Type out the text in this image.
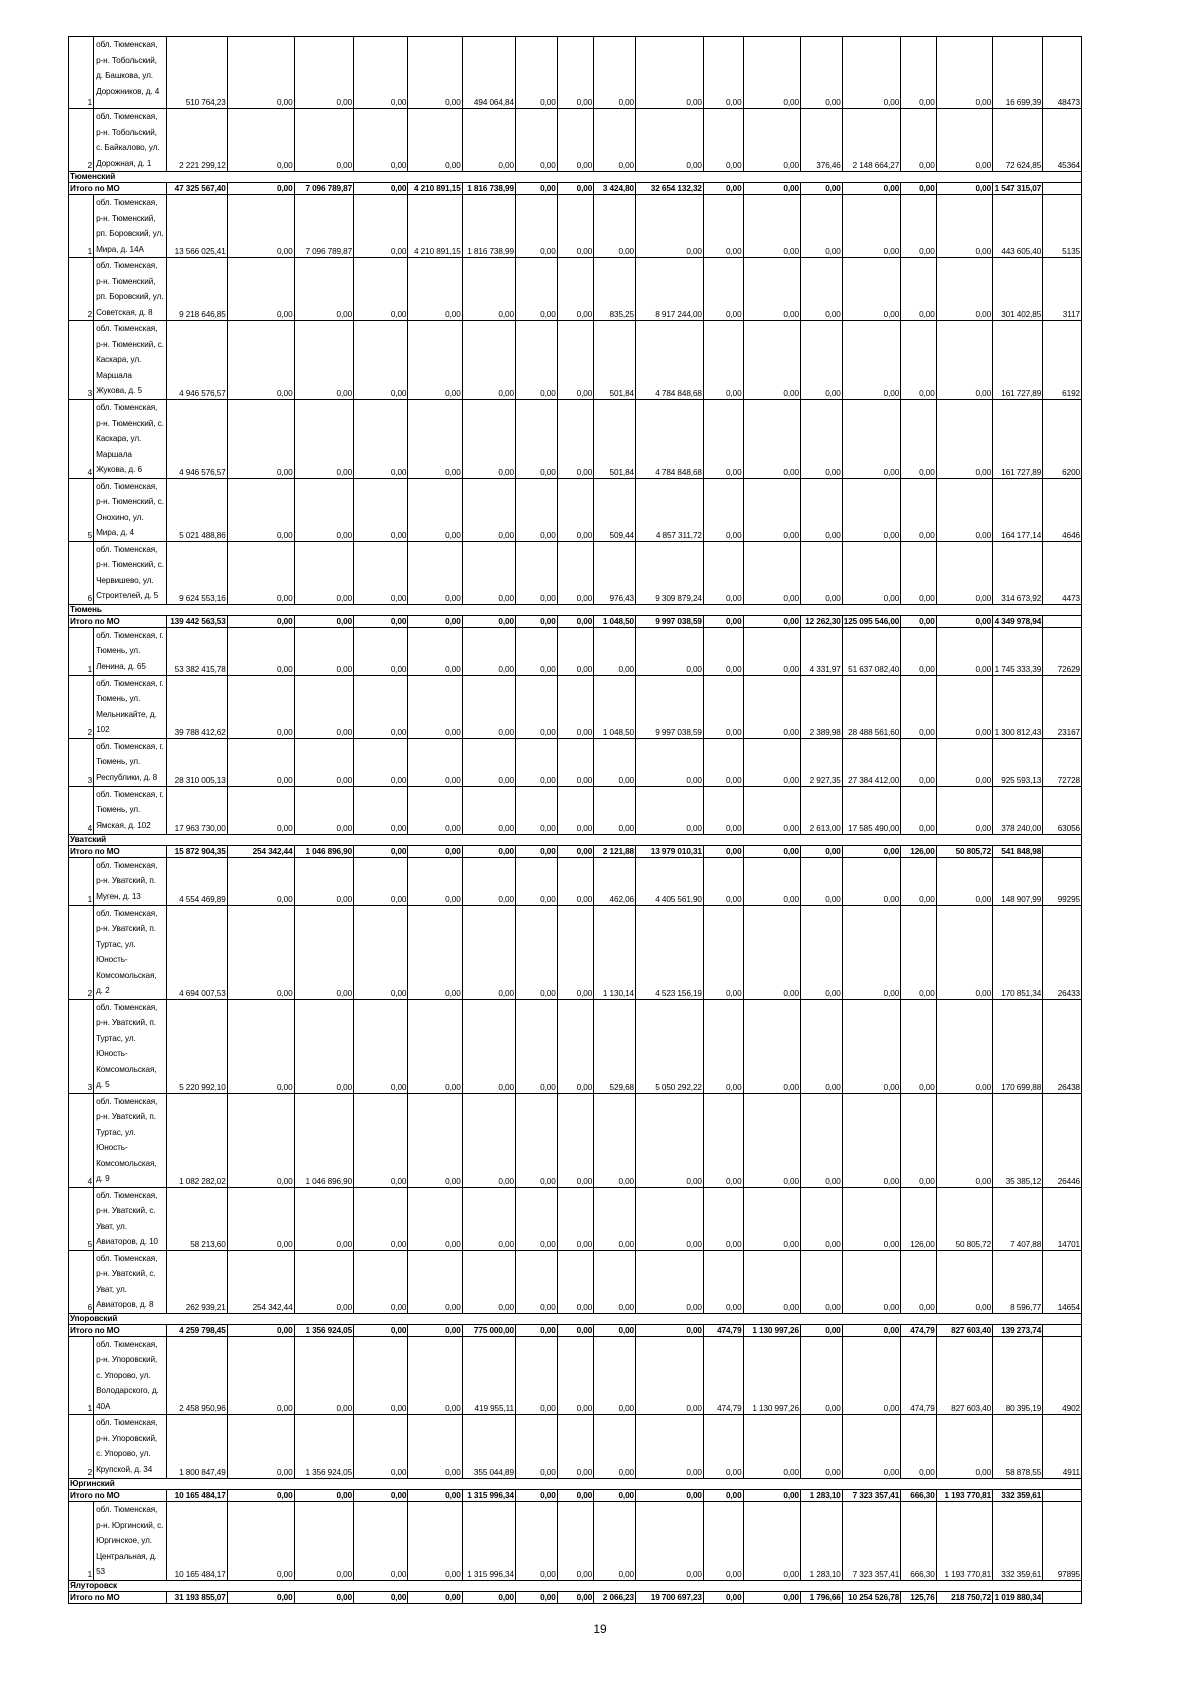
1	обл. Тюменская, р-н. Тобольский, д. Башкова, ул. Дорожников, д. 4	510 764,23	0,00	0,00	0,00	0,00	494 064,84	0,00	0,00	0,00	0,00	0,00	0,00	0,00	0,00	0,00	0,00	16 699,39	48473
2	обл. Тюменская, р-н. Тобольский, с. Байкалово, ул. Дорожная, д. 1	2 221 299,12	0,00	0,00	0,00	0,00	0,00	0,00	0,00	0,00	0,00	0,00	0,00	376,46	2 148 664,27	0,00	0,00	72 624,85	45364
Тюменский																			
Итого по МО		47 325 567,40	0,00	7 096 789,87	0,00	4 210 891,15	1 816 738,99	0,00	0,00	3 424,80	32 654 132,32	0,00	0,00	0,00	0,00	0,00	0,00	1 547 315,07	
1	обл. Тюменская, р-н. Тюменский, рп. Боровский, ул. Мира, д. 14А	13 566 025,41	0,00	7 096 789,87	0,00	4 210 891,15	1 816 738,99	0,00	0,00	0,00	0,00	0,00	0,00	0,00	0,00	0,00	0,00	443 605,40	5135
2	обл. Тюменская, р-н. Тюменский, рп. Боровский, ул. Советская, д. 8	9 218 646,85	0,00	0,00	0,00	0,00	0,00	0,00	0,00	835,25	8 917 244,00	0,00	0,00	0,00	0,00	0,00	0,00	301 402,85	3117
3	обл. Тюменская, р-н. Тюменский, с. Каскара, ул. Маршала Жукова, д. 5	4 946 576,57	0,00	0,00	0,00	0,00	0,00	0,00	0,00	501,84	4 784 848,68	0,00	0,00	0,00	0,00	0,00	0,00	161 727,89	6192
4	обл. Тюменская, р-н. Тюменский, с. Каскара, ул. Маршала Жукова, д. 6	4 946 576,57	0,00	0,00	0,00	0,00	0,00	0,00	0,00	501,84	4 784 848,68	0,00	0,00	0,00	0,00	0,00	0,00	161 727,89	6200
5	обл. Тюменская, р-н. Тюменский, с. Онохино, ул. Мира, д. 4	5 021 488,86	0,00	0,00	0,00	0,00	0,00	0,00	0,00	509,44	4 857 311,72	0,00	0,00	0,00	0,00	0,00	0,00	164 177,14	4646
6	обл. Тюменская, р-н. Тюменский, с. Червишево, ул. Строителей, д. 5	9 624 553,16	0,00	0,00	0,00	0,00	0,00	0,00	0,00	976,43	9 309 879,24	0,00	0,00	0,00	0,00	0,00	0,00	314 673,92	4473
Тюмень																			
Итого по МО		139 442 563,53	0,00	0,00	0,00	0,00	0,00	0,00	0,00	1 048,50	9 997 038,59	0,00	0,00	12 262,30	125 095 546,00	0,00	0,00	4 349 978,94	
1	обл. Тюменская, г. Тюмень, ул. Ленина, д. 65	53 382 415,78	0,00	0,00	0,00	0,00	0,00	0,00	0,00	0,00	0,00	0,00	0,00	4 331,97	51 637 082,40	0,00	0,00	1 745 333,39	72629
2	обл. Тюменская, г. Тюмень, ул. Мельникайте, д. 102	39 788 412,62	0,00	0,00	0,00	0,00	0,00	0,00	0,00	1 048,50	9 997 038,59	0,00	0,00	2 389,98	28 488 561,60	0,00	0,00	1 300 812,43	23167
3	обл. Тюменская, г. Тюмень, ул. Республики, д. 8	28 310 005,13	0,00	0,00	0,00	0,00	0,00	0,00	0,00	0,00	0,00	0,00	0,00	2 927,35	27 384 412,00	0,00	0,00	925 593,13	72728
4	обл. Тюменская, г. Тюмень, ул. Ямская, д. 102	17 963 730,00	0,00	0,00	0,00	0,00	0,00	0,00	0,00	0,00	0,00	0,00	0,00	2 613,00	17 585 490,00	0,00	0,00	378 240,00	63056
Уватский																			
Итого по МО		15 872 904,35	254 342,44	1 046 896,90	0,00	0,00	0,00	0,00	0,00	2 121,88	13 979 010,31	0,00	0,00	0,00	0,00	126,00	50 805,72	541 848,98	
1	обл. Тюменская, р-н. Уватский, п. Муген, д. 13	4 554 469,89	0,00	0,00	0,00	0,00	0,00	0,00	0,00	462,06	4 405 561,90	0,00	0,00	0,00	0,00	0,00	0,00	148 907,99	99295
2	обл. Тюменская, р-н. Уватский, п. Туртас, ул. Юность-Комсомольская, д. 2	4 694 007,53	0,00	0,00	0,00	0,00	0,00	0,00	0,00	1 130,14	4 523 156,19	0,00	0,00	0,00	0,00	0,00	0,00	170 851,34	26433
3	обл. Тюменская, р-н. Уватский, п. Туртас, ул. Юность-Комсомольская, д. 5	5 220 992,10	0,00	0,00	0,00	0,00	0,00	0,00	0,00	529,68	5 050 292,22	0,00	0,00	0,00	0,00	0,00	0,00	170 699,88	26438
4	обл. Тюменская, р-н. Уватский, п. Туртас, ул. Юность-Комсомольская, д. 9	1 082 282,02	0,00	1 046 896,90	0,00	0,00	0,00	0,00	0,00	0,00	0,00	0,00	0,00	0,00	0,00	0,00	0,00	35 385,12	26446
5	обл. Тюменская, р-н. Уватский, с. Уват, ул. Авиаторов, д. 10	58 213,60	0,00	0,00	0,00	0,00	0,00	0,00	0,00	0,00	0,00	0,00	0,00	0,00	0,00	126,00	50 805,72	7 407,88	14701
6	обл. Тюменская, р-н. Уватский, с. Уват, ул. Авиаторов, д. 8	262 939,21	254 342,44	0,00	0,00	0,00	0,00	0,00	0,00	0,00	0,00	0,00	0,00	0,00	0,00	0,00	0,00	8 596,77	14654
Упоровский																			
Итого по МО		4 259 798,45	0,00	1 356 924,05	0,00	0,00	775 000,00	0,00	0,00	0,00	0,00	474,79	1 130 997,26	0,00	0,00	474,79	827 603,40	139 273,74	
1	обл. Тюменская, р-н. Упоровский, с. Упорово, ул. Володарского, д. 40А	2 458 950,96	0,00	0,00	0,00	0,00	419 955,11	0,00	0,00	0,00	0,00	474,79	1 130 997,26	0,00	0,00	474,79	827 603,40	80 395,19	4902
2	обл. Тюменская, р-н. Упоровский, с. Упорово, ул. Крупской, д. 34	1 800 847,49	0,00	1 356 924,05	0,00	0,00	355 044,89	0,00	0,00	0,00	0,00	0,00	0,00	0,00	0,00	0,00	0,00	58 878,55	4911
Юргинский																			
Итого по МО		10 165 484,17	0,00	0,00	0,00	0,00	1 315 996,34	0,00	0,00	0,00	0,00	0,00	0,00	1 283,10	7 323 357,41	666,30	1 193 770,81	332 359,61	
1	обл. Тюменская, р-н. Юргинский, с. Юргинское, ул. Центральная, д. 53	10 165 484,17	0,00	0,00	0,00	0,00	1 315 996,34	0,00	0,00	0,00	0,00	0,00	0,00	1 283,10	7 323 357,41	666,30	1 193 770,81	332 359,61	97895
Ялуторовск																			
Итого по МО		31 193 855,07	0,00	0,00	0,00	0,00	0,00	0,00	0,00	2 066,23	19 700 697,23	0,00	0,00	1 796,66	10 254 526,78	125,76	218 750,72	1 019 880,34	
19
